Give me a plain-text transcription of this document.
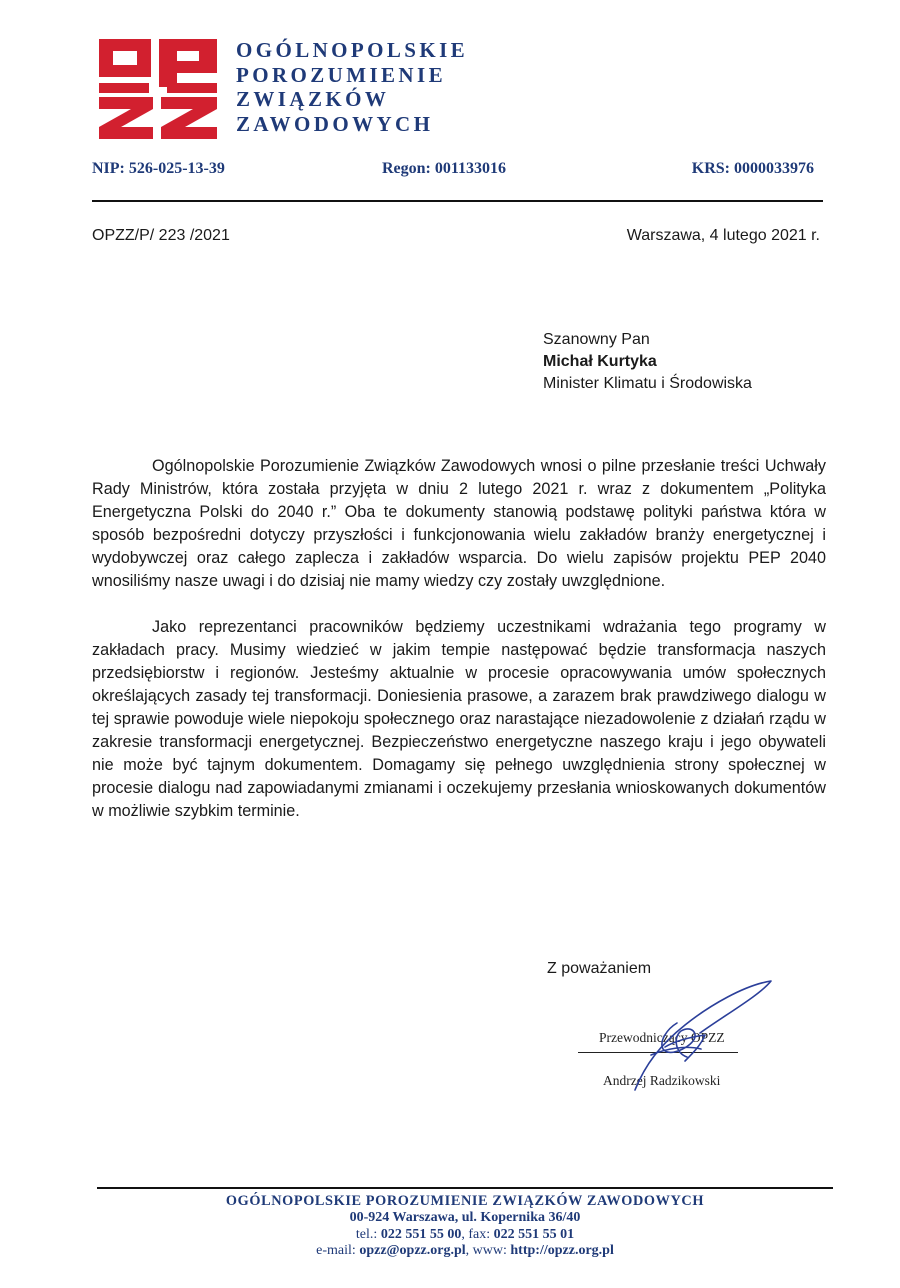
OGÓLNOPOLSKIE
POROZUMIENIE
ZWIĄZKÓW
ZAWODOWYCH
NIP: 526-025-13-39	Regon: 001133016	KRS: 0000033976
OPZZ/P/ 223 /2021	Warszawa, 4 lutego 2021 r.
Szanowny Pan
Michał Kurtyka
Minister Klimatu i Środowiska

Ogólnopolskie Porozumienie Związków Zawodowych wnosi o pilne przesłanie treści Uchwały Rady Ministrów, która została przyjęta w dniu 2 lutego 2021 r. wraz z dokumentem „Polityka Energetyczna Polski do 2040 r.” Oba te dokumenty stanowią podstawę polityki państwa która w sposób bezpośredni dotyczy przyszłości i funkcjonowania wielu zakładów branży energetycznej i wydobywczej oraz całego zaplecza i zakładów wsparcia. Do wielu zapisów projektu PEP 2040 wnosiliśmy nasze uwagi i do dzisiaj nie mamy wiedzy czy zostały uwzględnione.

Jako reprezentanci pracowników będziemy uczestnikami wdrażania tego programy w zakładach pracy. Musimy wiedzieć w jakim tempie następować będzie transformacja naszych przedsiębiorstw i regionów. Jesteśmy aktualnie w procesie opracowywania umów społecznych określających zasady tej transformacji. Doniesienia prasowe, a zarazem brak prawdziwego dialogu w tej sprawie powoduje wiele niepokoju społecznego oraz narastające niezadowolenie z działań rządu w zakresie transformacji energetycznej. Bezpieczeństwo energetyczne naszego kraju i jego obywateli nie może być tajnym dokumentem. Domagamy się pełnego uwzględnienia strony społecznej w procesie dialogu nad zapowiadanymi zmianami i oczekujemy przesłania wnioskowanych dokumentów w możliwie szybkim terminie.

Z poważaniem
Przewodniczący OPZZ
Andrzej Radzikowski
OGÓLNOPOLSKIE POROZUMIENIE ZWIĄZKÓW ZAWODOWYCH
00-924 Warszawa, ul. Kopernika 36/40
tel.: 022 551 55 00, fax: 022 551 55 01
e-mail: opzz@opzz.org.pl, www: http://opzz.org.pl
